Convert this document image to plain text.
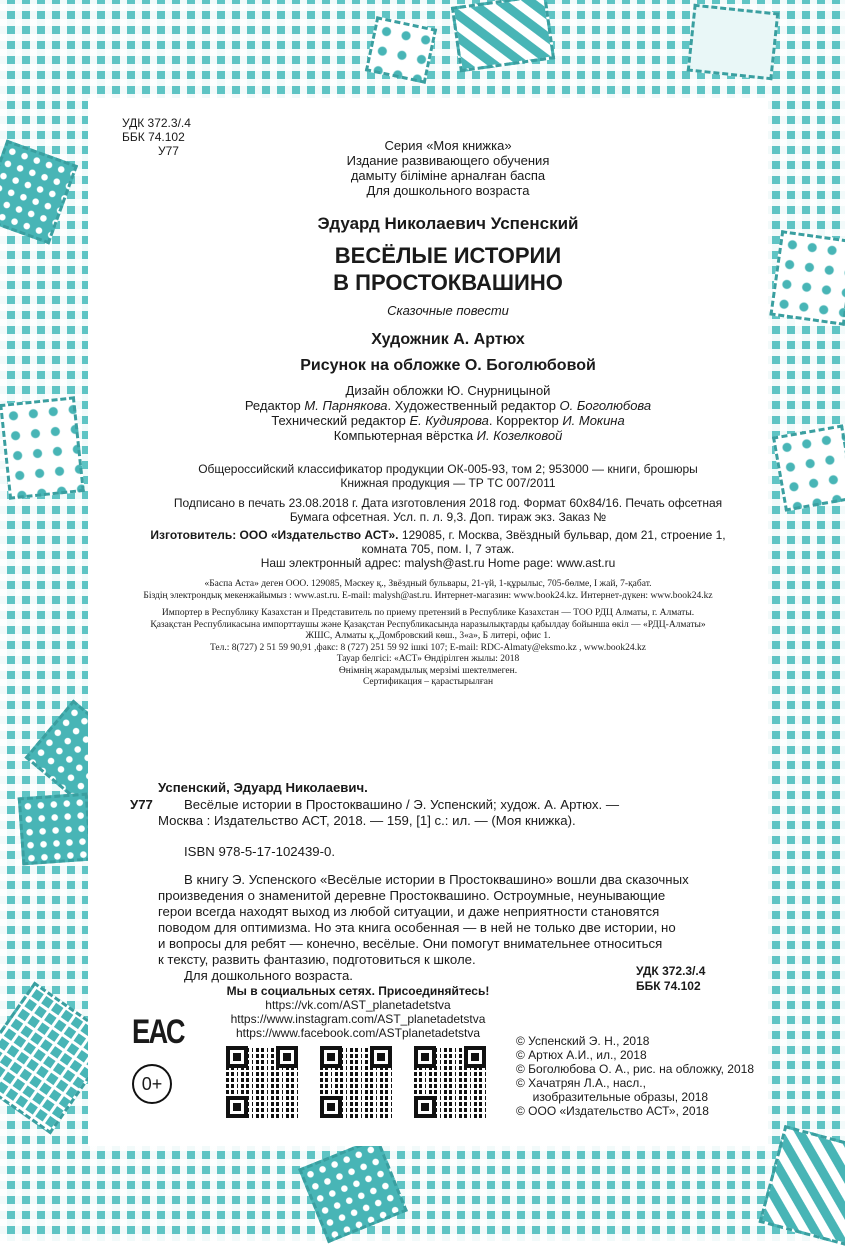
УДК 372.3/.4
ББК 74.102
У77	Серия «Моя книжка»
Издание развивающего обучения
дамыту біліміне арналған баспа
Для дошкольного возраста
Эдуард Николаевич Успенский
ВЕСЁЛЫЕ ИСТОРИИ
В ПРОСТОКВАШИНО
Сказочные повести
Художник А. Артюх
Рисунок на обложке О. Боголюбовой
Дизайн обложки Ю. Снурницыной
Редактор М. Парнякова. Художественный редактор О. Боголюбова
Технический редактор Е. Кудиярова. Корректор И. Мокина
Компьютерная вёрстка И. Козелковой
Общероссийский классификатор продукции ОК-005-93, том 2; 953000 — книги, брошюры
Книжная продукция — ТР ТС 007/2011
Подписано в печать 23.08.2018 г. Дата изготовления 2018 год. Формат 60x84/16. Печать офсетная
Бумага офсетная. Усл. п. л. 9,3. Доп. тираж экз. Заказ №
Изготовитель: ООО «Издательство АСТ». 129085, г. Москва, Звёздный бульвар, дом 21, строение 1,
комната 705, пом. I, 7 этаж.
Наш электронный адрес: malysh@ast.ru Home page: www.ast.ru
«Баспа Аста» деген ООО. 129085, Мәскеу қ., Звёздный бульвары, 21-үй, 1-құрылыс, 705-бөлме, I жай, 7-қабат.
Біздің электрондық мекенжайымыз : www.ast.ru. E-mail: malysh@ast.ru. Интернет-магазин: www.book24.kz. Интернет-дүкен: www.book24.kz
Импортер в Республику Казахстан и Представитель по приему претензий в Республике Казахстан — ТОО РДЦ Алматы, г. Алматы.
Қазақстан Республикасына импорттаушы және Қазақстан Республикасында наразылықтарды қабылдау бойынша өкіл — «РДЦ-Алматы»
ЖШС, Алматы қ.,Домбровский көш., 3«а», Б литері, офис 1.
Тел.: 8(727) 2 51 59 90,91 ,факс: 8 (727) 251 59 92 ішкі 107; E-mail: RDC-Almaty@eksmo.kz , www.book24.kz
Тауар белгісі: «АСТ» Өндірілген жылы: 2018
Өнімнің жарамдылық мерзімі шектелмеген.
Сертификация – қарастырылған
Успенский, Эдуард Николаевич.
У77 Весёлые истории в Простоквашино / Э. Успенский; худож. А. Артюх. —
Москва : Издательство АСТ, 2018. — 159, [1] с.: ил. — (Моя книжка).
ISBN 978-5-17-102439-0.
В книгу Э. Успенского «Весёлые истории в Простоквашино» вошли два сказочных
произведения о знаменитой деревне Простоквашино. Остроумные, неунывающие
герои всегда находят выход из любой ситуации, и даже неприятности становятся
поводом для оптимизма. Но эта книга особенная — в ней не только две истории, но
и вопросы для ребят — конечно, весёлые. Они помогут внимательнее относиться
к тексту, развить фантазию, подготовиться к школе.
Для дошкольного возраста.	УДК 372.3/.4
ББК 74.102
Мы в социальных сетях. Присоединяйтесь!
https://vk.com/AST_planetadetstva
https://www.instagram.com/AST_planetadetstva
https://www.facebook.com/ASTplanetadetstva
ЕАС
0+
© Успенский Э. Н., 2018
© Артюх А.И., ил., 2018
© Боголюбова О. А., рис. на обложку, 2018
© Хачатрян Л.А., насл.,
изобразительные образы, 2018
© ООО «Издательство АСТ», 2018
